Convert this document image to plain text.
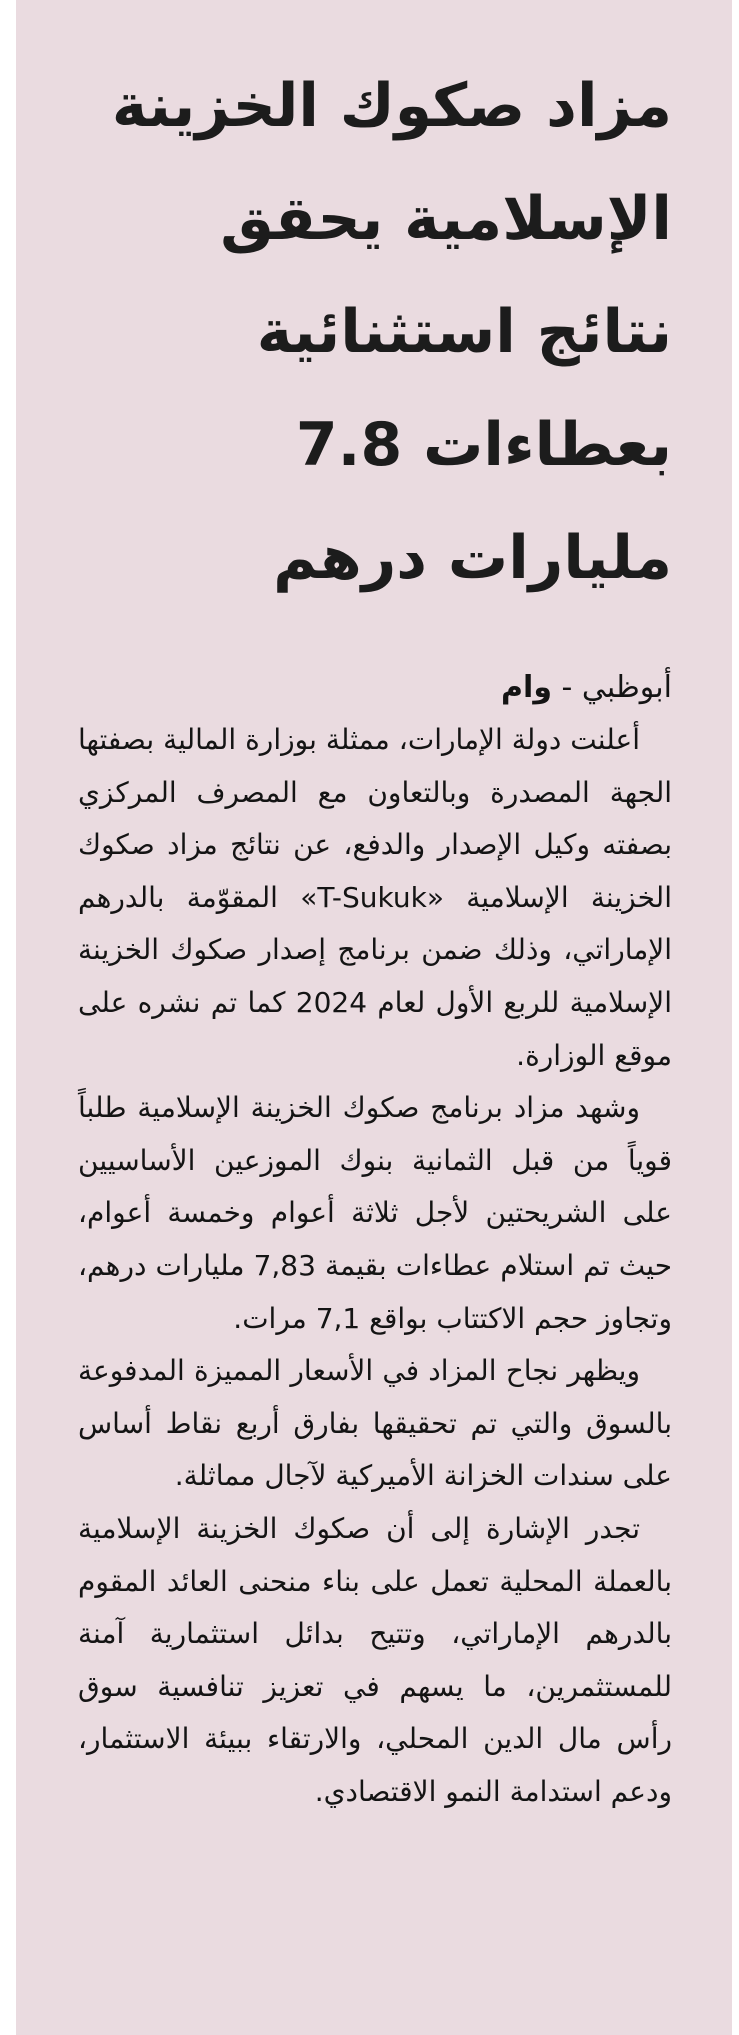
مزاد صكوك الخزينة
الإسلامية يحقق
نتائج استثنائية
بعطاءات 7.8
مليارات درهم
أبوظبي - وام

أعلنت دولة الإمارات، ممثلة بوزارة المالية بصفتها الجهة المصدرة وبالتعاون مع المصرف المركزي بصفته وكيل الإصدار والدفع، عن نتائج مزاد صكوك الخزينة الإسلامية «T-Sukuk» المقوّمة بالدرهم الإماراتي، وذلك ضمن برنامج إصدار صكوك الخزينة الإسلامية للربع الأول لعام 2024 كما تم نشره على موقع الوزارة.

وشهد مزاد برنامج صكوك الخزينة الإسلامية طلباً قوياً من قبل الثمانية بنوك الموزعين الأساسيين على الشريحتين لأجل ثلاثة أعوام وخمسة أعوام، حيث تم استلام عطاءات بقيمة 7,83 مليارات درهم، وتجاوز حجم الاكتتاب بواقع 7,1 مرات.

ويظهر نجاح المزاد في الأسعار المميزة المدفوعة بالسوق والتي تم تحقيقها بفارق أربع نقاط أساس على سندات الخزانة الأميركية لآجال مماثلة.

تجدر الإشارة إلى أن صكوك الخزينة الإسلامية بالعملة المحلية تعمل على بناء منحنى العائد المقوم بالدرهم الإماراتي، وتتيح بدائل استثمارية آمنة للمستثمرين، ما يسهم في تعزيز تنافسية سوق رأس مال الدين المحلي، والارتقاء ببيئة الاستثمار، ودعم استدامة النمو الاقتصادي.
